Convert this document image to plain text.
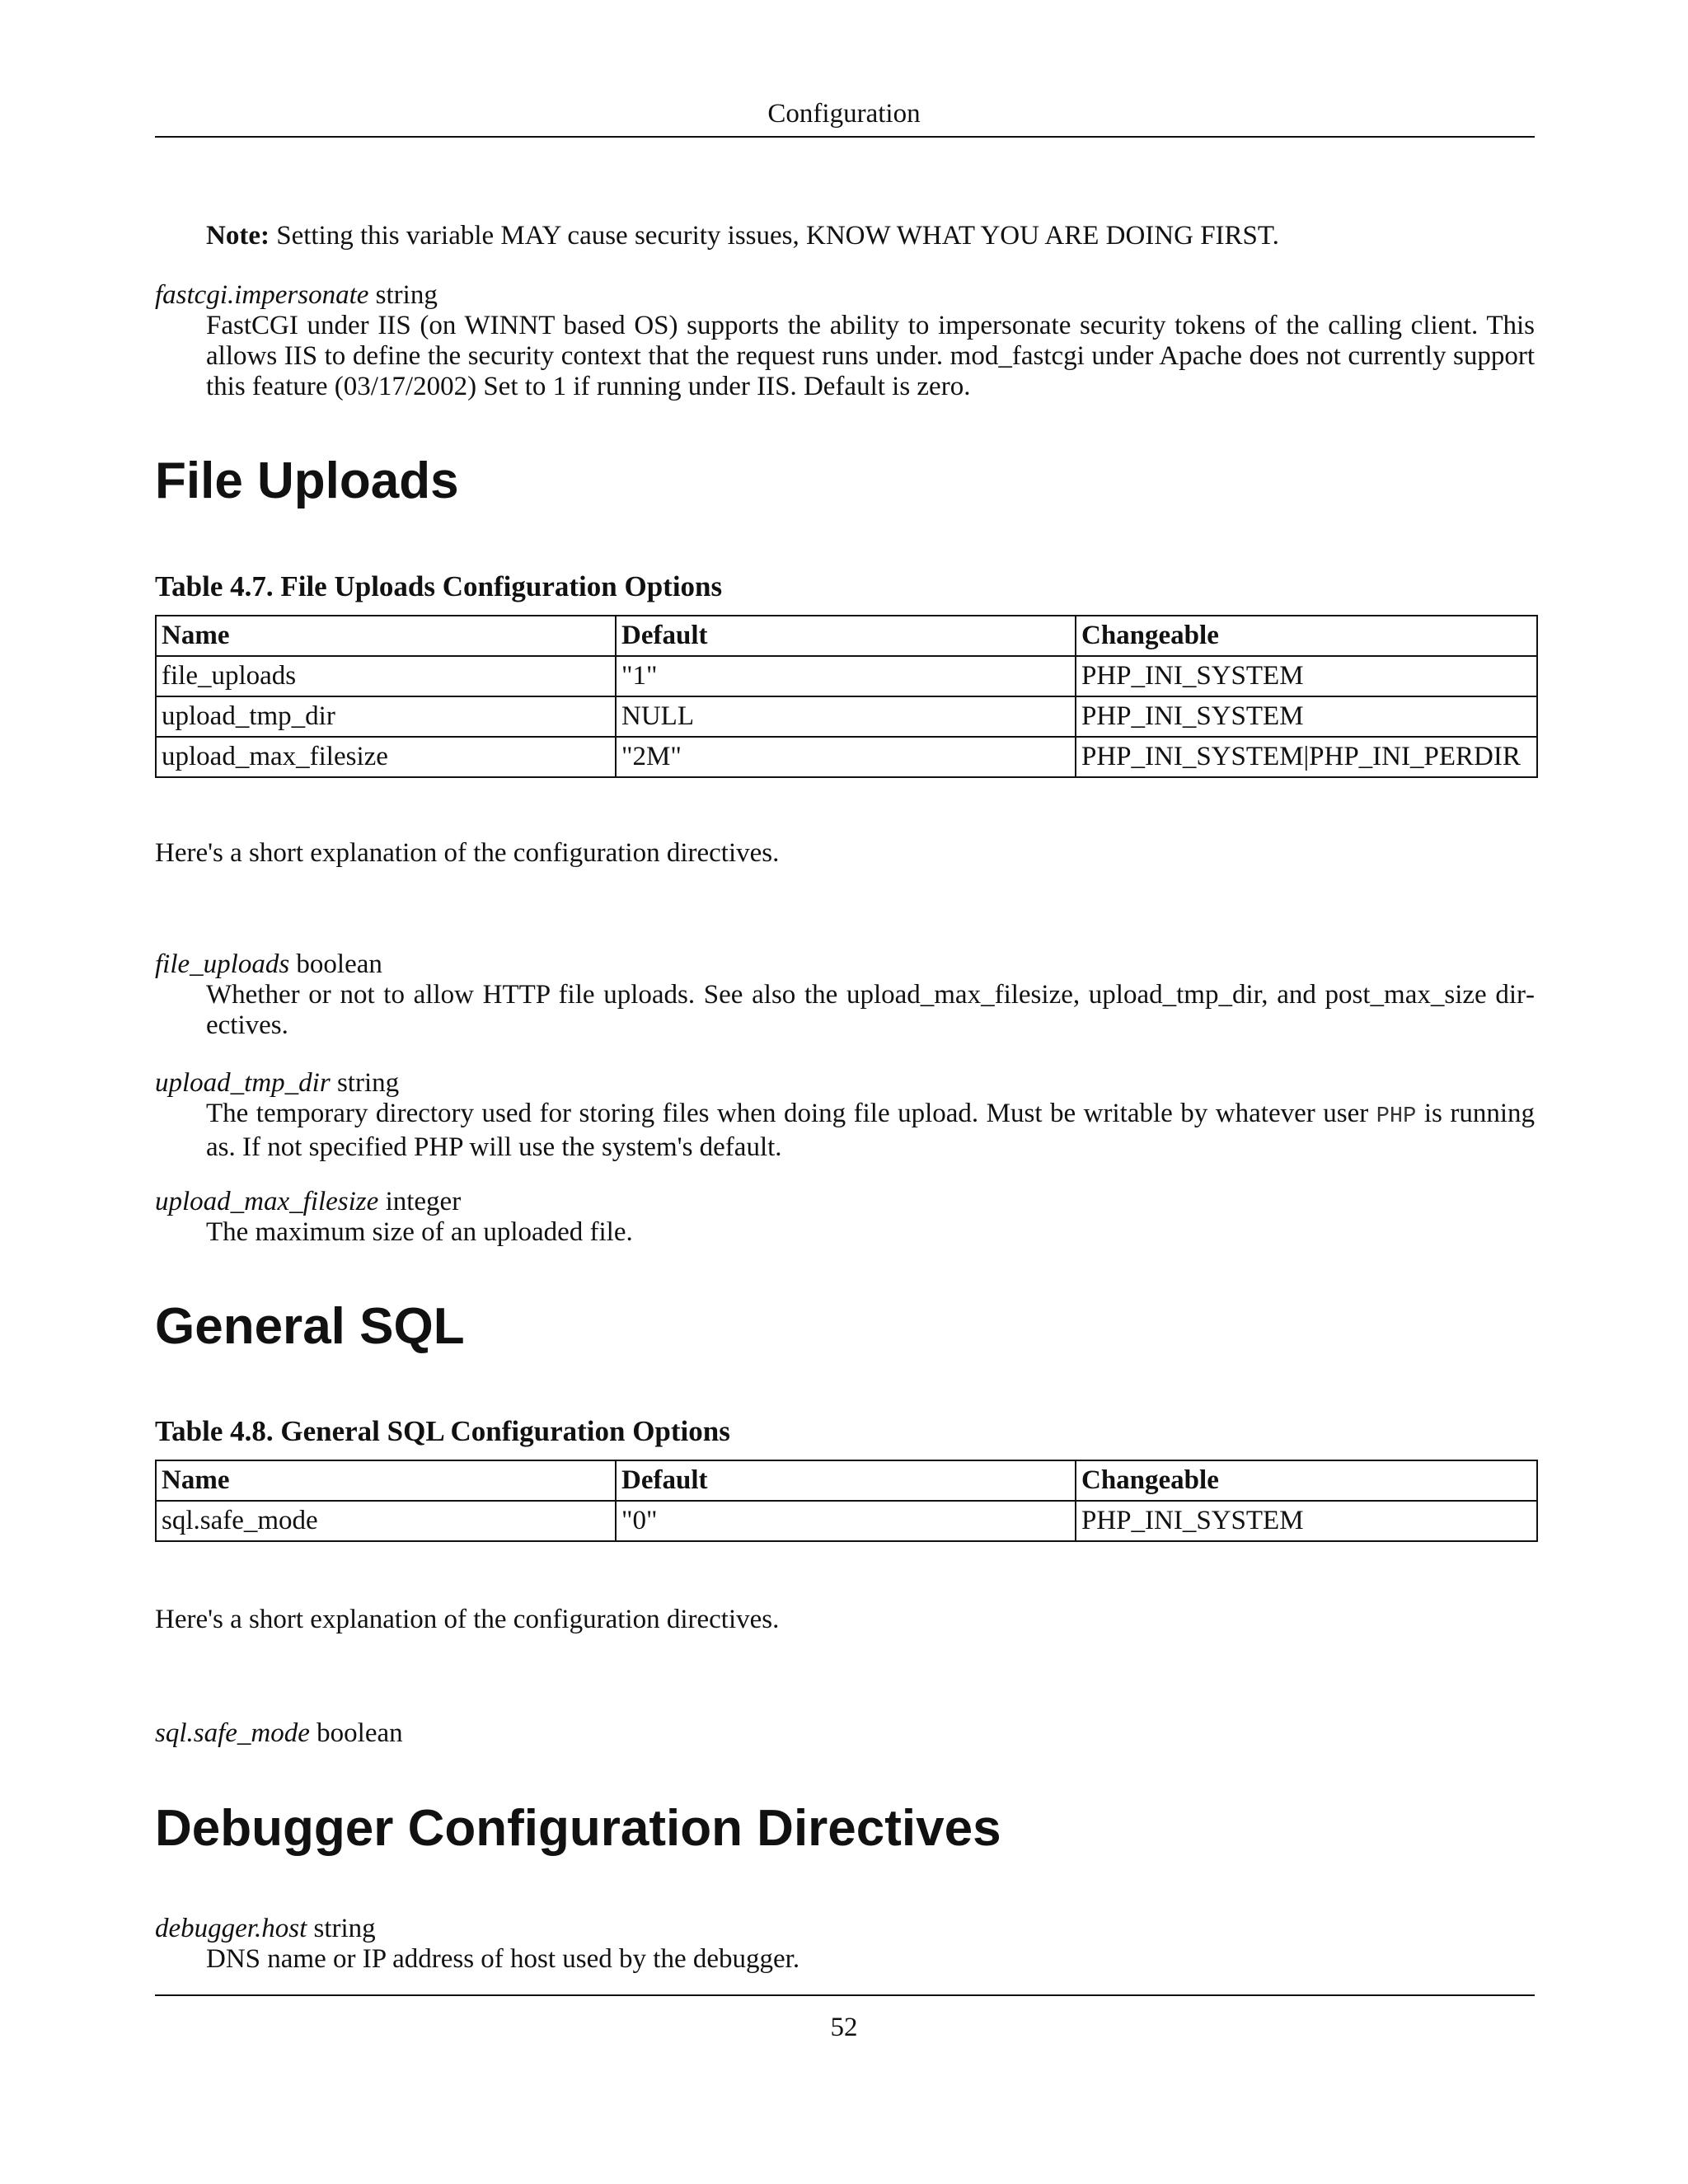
Configuration
Note: Setting this variable MAY cause security issues, KNOW WHAT YOU ARE DOING FIRST.
fastcgi.impersonate string
FastCGI under IIS (on WINNT based OS) supports the ability to impersonate security tokens of the calling client. This allows IIS to define the security context that the request runs under. mod_fastcgi under Apache does not currently support this feature (03/17/2002) Set to 1 if running under IIS. Default is zero.
File Uploads
Table 4.7. File Uploads Configuration Options
Name	Default	Changeable
file_uploads	"1"	PHP_INI_SYSTEM
upload_tmp_dir	NULL	PHP_INI_SYSTEM
upload_max_filesize	"2M"	PHP_INI_SYSTEM|PHP_INI_PERDIR
Here's a short explanation of the configuration directives.
file_uploads boolean
Whether or not to allow HTTP file uploads. See also the upload_max_filesize, upload_tmp_dir, and post_max_size directives.
upload_tmp_dir string
The temporary directory used for storing files when doing file upload. Must be writable by whatever user PHP is running as. If not specified PHP will use the system's default.
upload_max_filesize integer
The maximum size of an uploaded file.
General SQL
Table 4.8. General SQL Configuration Options
Name	Default	Changeable
sql.safe_mode	"0"	PHP_INI_SYSTEM
Here's a short explanation of the configuration directives.
sql.safe_mode boolean
Debugger Configuration Directives
debugger.host string
DNS name or IP address of host used by the debugger.
52
